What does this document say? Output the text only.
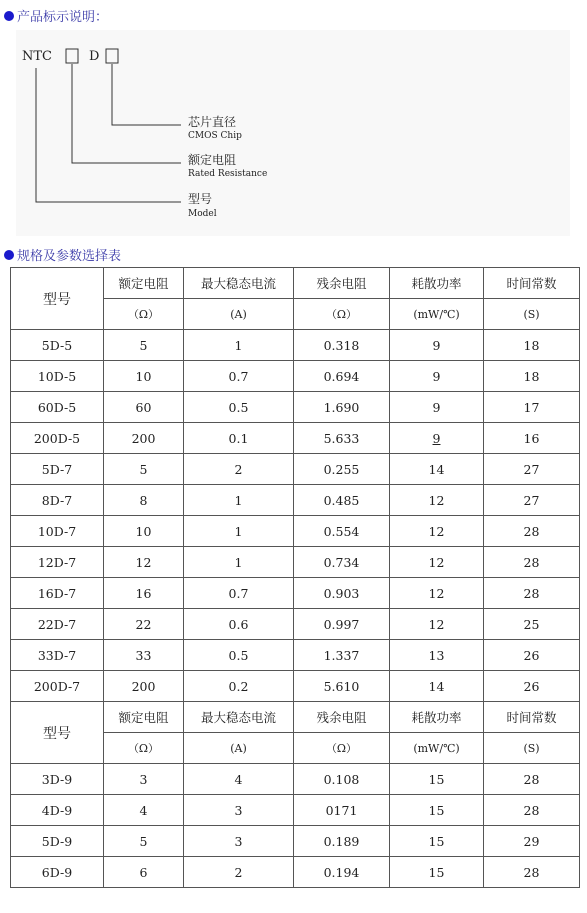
产品标示说明：
NTC	D
芯片直径
CMOS Chip
额定电阻
Rated Resistance
型号
Model
规格及参数选择表
型号	额定电阻	最大稳态电流	残余电阻	耗散功率	时间常数
	（Ω）	(A)	（Ω）	(mW/℃)	(S)
5D-5	5	1	0.318	9	18
10D-5	10	0.7	0.694	9	18
60D-5	60	0.5	1.690	9	17
200D-5	200	0.1	5.633	9	16
5D-7	5	2	0.255	14	27
8D-7	8	1	0.485	12	27
10D-7	10	1	0.554	12	28
12D-7	12	1	0.734	12	28
16D-7	16	0.7	0.903	12	28
22D-7	22	0.6	0.997	12	25
33D-7	33	0.5	1.337	13	26
200D-7	200	0.2	5.610	14	26
型号	额定电阻	最大稳态电流	残余电阻	耗散功率	时间常数
	（Ω）	(A)	（Ω）	(mW/℃)	(S)
3D-9	3	4	0.108	15	28
4D-9	4	3	0171	15	28
5D-9	5	3	0.189	15	29
6D-9	6	2	0.194	15	28
